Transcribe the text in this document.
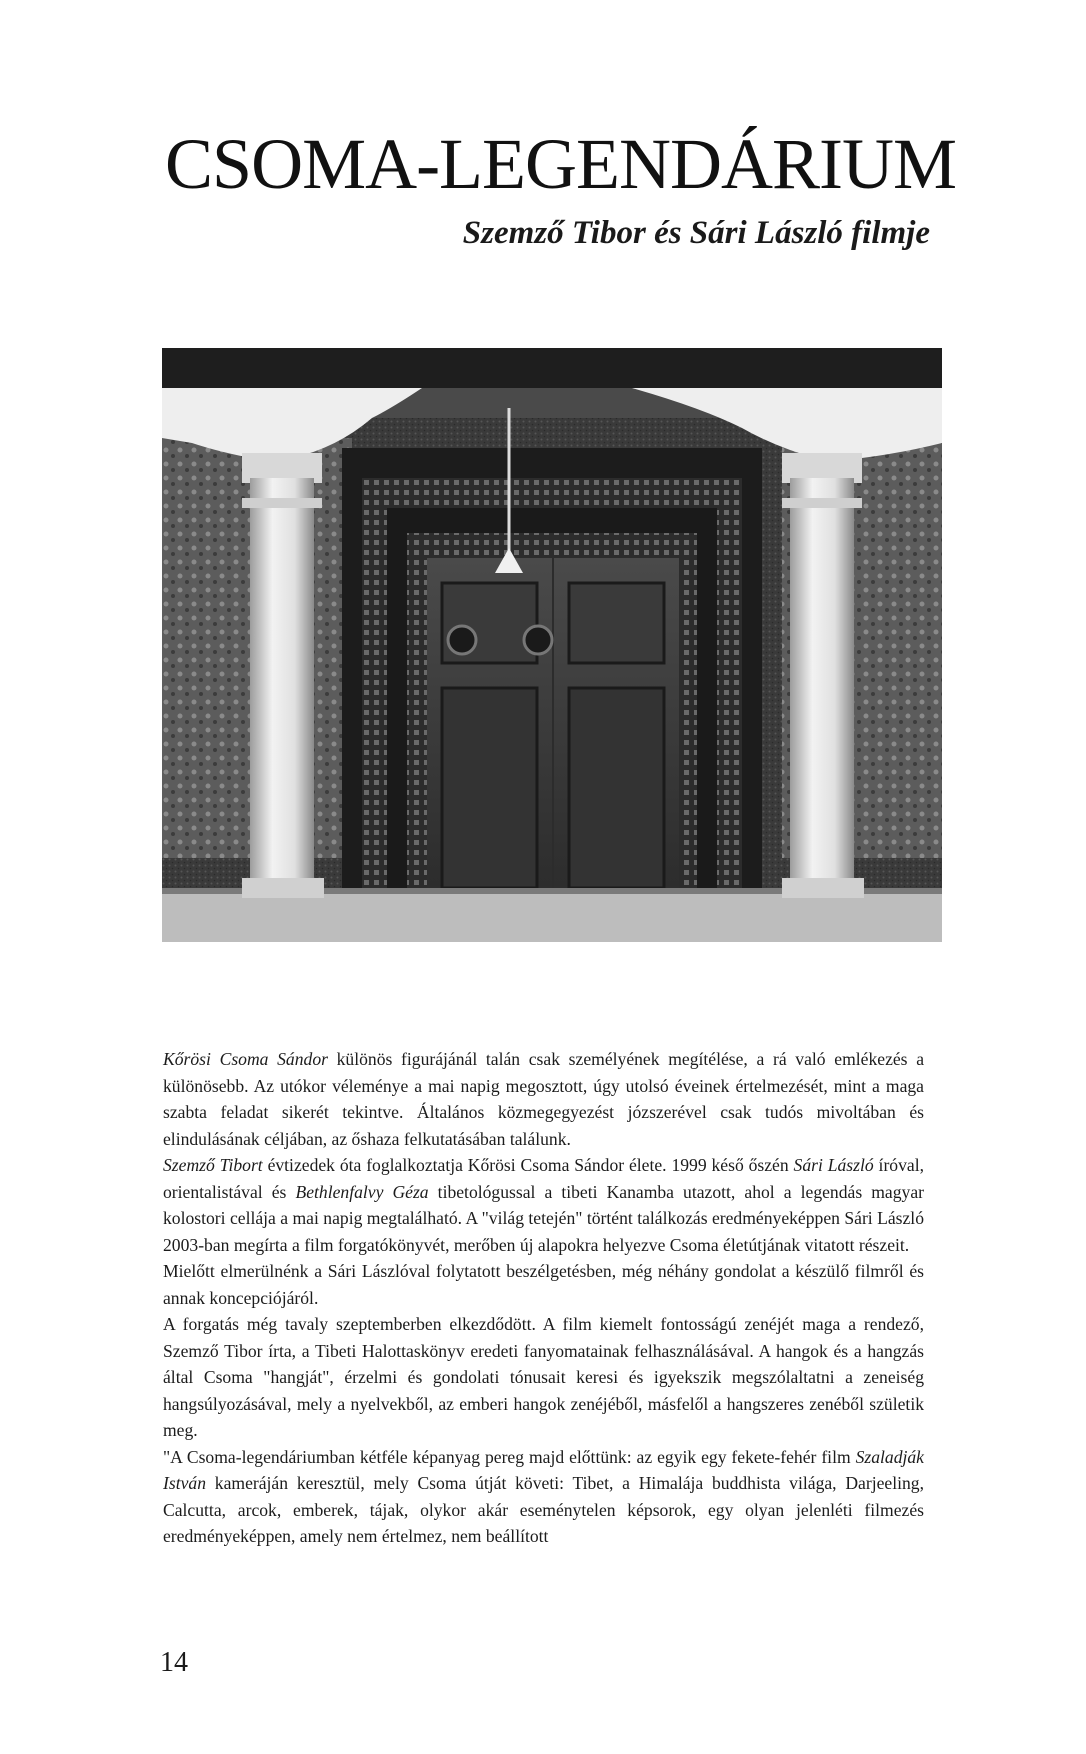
CSOMA-LEGENDÁRIUM
Szemző Tibor és Sári László filmje

Kőrösi Csoma Sándor különös figurájánál talán csak személyének megítélése, a rá való emlékezés a különösebb. Az utókor véleménye a mai napig megosztott, úgy utolsó éveinek értelmezését, mint a maga szabta feladat sikerét tekintve. Általános közmegegyezést józszerével csak tudós mivoltában és elindulásának céljában, az őshaza felkutatásában találunk.

Szemző Tibort évtizedek óta foglalkoztatja Kőrösi Csoma Sándor élete. 1999 késő őszén Sári László íróval, orientalistával és Bethlenfalvy Géza tibetológussal a tibeti Kanamba utazott, ahol a legendás magyar kolostori cellája a mai napig megtalálható. A "világ tetején" történt találkozás eredményeképpen Sári László 2003-ban megírta a film forgatókönyvét, merőben új alapokra helyezve Csoma életútjának vitatott részeit.

Mielőtt elmerülnénk a Sári Lászlóval folytatott beszélgetésben, még néhány gondolat a készülő filmről és annak koncepciójáról.

A forgatás még tavaly szeptemberben elkezdődött. A film kiemelt fontosságú zenéjét maga a rendező, Szemző Tibor írta, a Tibeti Halottaskönyv eredeti fanyomatainak felhasználásával. A hangok és a hangzás által Csoma "hangját", érzelmi és gondolati tónusait keresi és igyekszik megszólaltatni a zeneiség hangsúlyozásával, mely a nyelvekből, az emberi hangok zenéjéből, másfelől a hangszeres zenéből születik meg.

"A Csoma-legendáriumban kétféle képanyag pereg majd előttünk: az egyik egy fekete-fehér film Szaladják István kameráján keresztül, mely Csoma útját követi: Tibet, a Himalája buddhista világa, Darjeeling, Calcutta, arcok, emberek, tájak, olykor akár eseménytelen képsorok, egy olyan jelenléti filmezés eredményeképpen, amely nem értelmez, nem beállított

14
